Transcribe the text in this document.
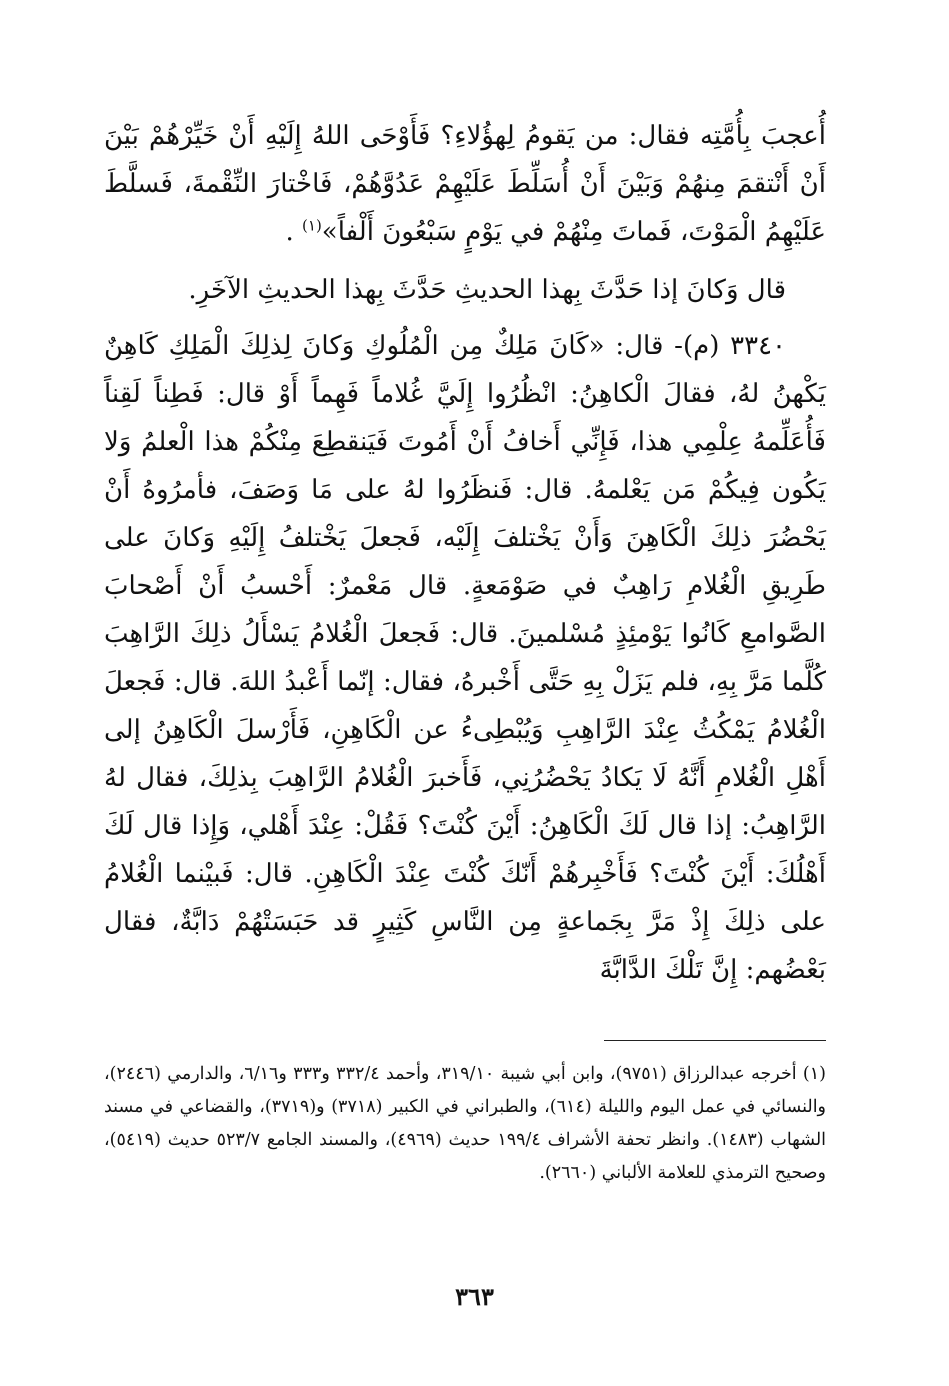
أُعجبَ بِأُمَّتِه فقال: من يَقومُ لِهؤُلاءِ؟ فَأَوْحَى اللهُ إِلَيْهِ أَنْ خَيِّرْهُمْ بَيْنَ أَنْ أَنْتقمَ مِنهُمْ وَبَيْنَ أَنْ أُسَلِّطَ عَلَيْهِمْ عَدُوَّهُمْ، فَاخْتارَ النِّقْمةَ، فَسلَّطَ عَلَيْهِمُ الْمَوْتَ، فَماتَ مِنْهُمْ في يَوْمٍ سَبْعُونَ أَلْفاً»$^{(١)}$ .

قال وَكانَ إذا حَدَّثَ بِهذا الحديثِ حَدَّثَ بِهذا الحديثِ الآخَرِ.

٣٣٤٠ (م)- قال: «كَانَ مَلِكٌ مِن الْمُلُوكِ وَكانَ لِذلِكَ الْمَلِكِ كَاهِنٌ يَكْهنُ لهُ، فقالَ الْكاهِنُ: انْظُرُوا إِلَيَّ غُلاماً فَهِماً أَوْ قال: فَطِناً لَقِناً فَأُعَلِّمهُ عِلْمِي هذا، فَإِنِّي أَخافُ أَنْ أَمُوتَ فَيَنقطِعَ مِنْكُمْ هذا الْعلمُ وَلا يَكُون فِيكُمْ مَن يَعْلمهُ. قال: فَنظَرُوا لهُ على مَا وَصَفَ، فأمرُوهُ أَنْ يَحْضُرَ ذلِكَ الْكَاهِنَ وَأَنْ يَخْتلفَ إِلَيْه، فَجعلَ يَخْتلفُ إِلَيْهِ وَكانَ على طَرِيقِ الْغُلامِ رَاهِبٌ في صَوْمَعةٍ. قال مَعْمرٌ: أَحْسبُ أَنْ أَصْحابَ الصَّوامعِ كَانُوا يَوْمئِذٍ مُسْلمينَ. قال: فَجعلَ الْغُلامُ يَسْأَلُ ذلِكَ الرَّاهِبَ كُلَّما مَرَّ بِهِ، فلم يَزَلْ بِهِ حَتَّى أَخْبرهُ، فقال: إنّما أَعْبدُ اللهَ. قال: فَجعلَ الْغُلامُ يَمْكُثُ عِنْدَ الرَّاهِبِ وَيُبْطِىءُ عن الْكَاهِنِ، فَأَرْسلَ الْكَاهِنُ إلى أَهْلِ الْغُلامِ أَنَّهُ لَا يَكادُ يَحْضُرُنِي، فَأَخبرَ الْغُلامُ الرَّاهِبَ بِذلِكَ، فقال لهُ الرَّاهِبُ: إذا قال لَكَ الْكَاهِنُ: أَيْنَ كُنْتَ؟ فَقُلْ: عِنْدَ أَهْلي، وَإِذا قال لَكَ أَهْلُكَ: أَيْنَ كُنْتَ؟ فَأَخْبِرهُمْ أَنّكَ كُنْتَ عِنْدَ الْكَاهِنِ. قال: فَبيْنما الْغُلامُ على ذلِكَ إِذْ مَرَّ بِجَماعةٍ مِن النَّاسِ كَثِيرٍ قد حَبَسَتْهُمْ دَابَّةٌ، فقال بَعْضُهم: إِنَّ تَلْكَ الدَّابَّةَ

(١) أخرجه عبدالرزاق (٩٧٥١)، وابن أبي شيبة ٣١٩/١٠، وأحمد ٣٣٢/٤ و٣٣٣ و٦/١٦، والدارمي (٢٤٤٦)، والنسائي في عمل اليوم والليلة (٦١٤)، والطبراني في الكبير (٣٧١٨) و(٣٧١٩)، والقضاعي في مسند الشهاب (١٤٨٣). وانظر تحفة الأشراف ١٩٩/٤ حديث (٤٩٦٩)، والمسند الجامع ٥٢٣/٧ حديث (٥٤١٩)، وصحيح الترمذي للعلامة الألباني (٢٦٦٠).

٣٦٣
